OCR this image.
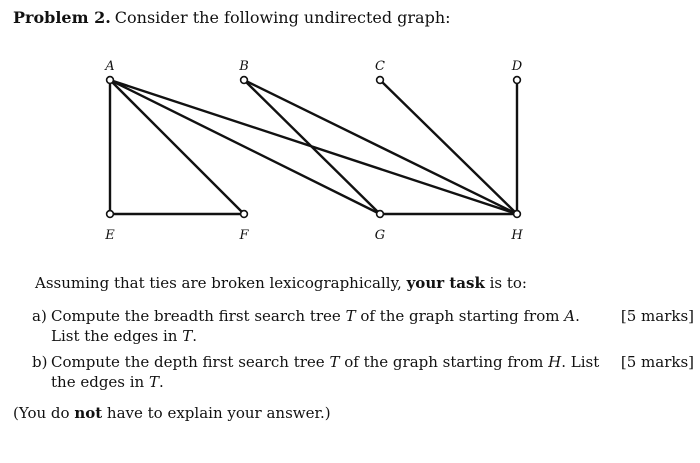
Problem 2. Consider the following undirected graph:
A	B	C	D
E	F	G	H
Assuming that ties are broken lexicographically, your task is to:
a) Compute the breadth first search tree T of the graph starting from A. List the edges in T.
[5 marks]
b) Compute the depth first search tree T of the graph starting from H. List the edges in T.
[5 marks]
(You do not have to explain your answer.)
